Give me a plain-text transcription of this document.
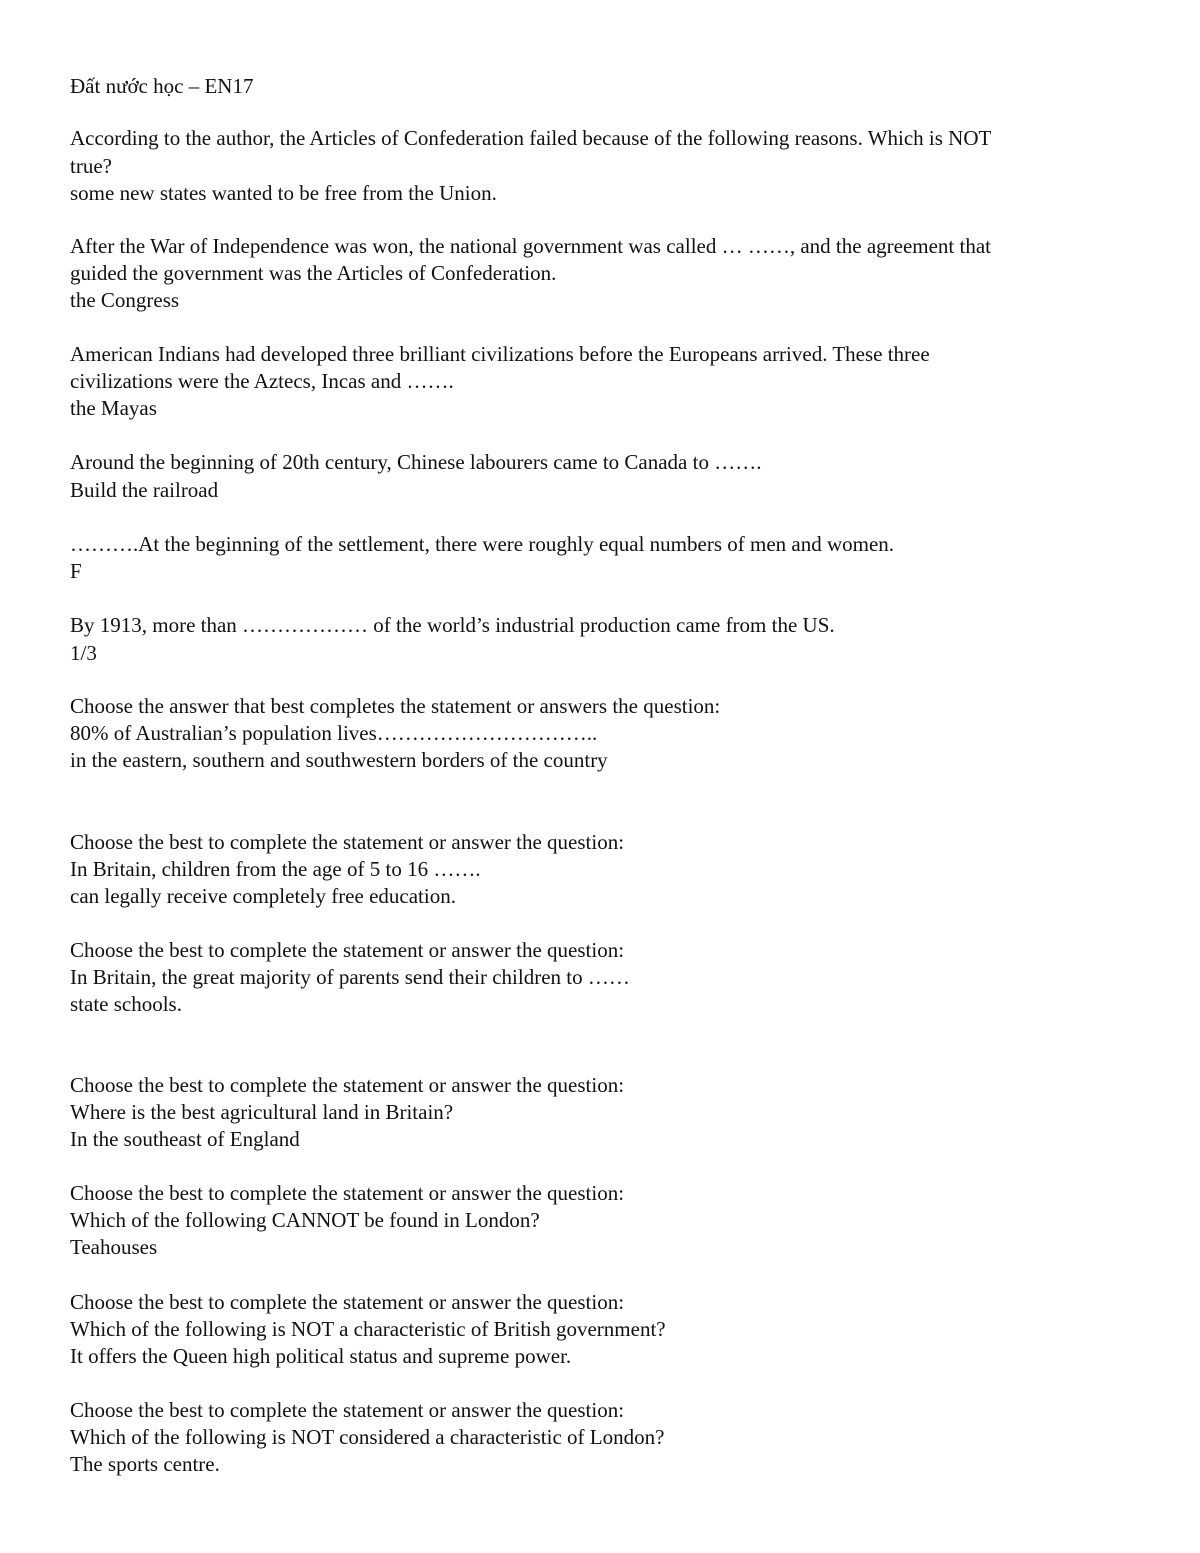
Đất nước học – EN17

According to the author, the Articles of Confederation failed because of the following reasons. Which is NOT

true?

some new states wanted to be free from the Union.

After the War of Independence was won, the national government was called … ……, and the agreement that

guided the government was the Articles of Confederation.

the Congress

American Indians had developed three brilliant civilizations before the Europeans arrived. These three

civilizations were the Aztecs, Incas and …….

the Mayas

Around the beginning of 20th century, Chinese labourers came to Canada to …….

Build the railroad

……….At the beginning of the settlement, there were roughly equal numbers of men and women.

F

By 1913, more than ……………… of the world’s industrial production came from the US.

1/3

Choose the answer that best completes the statement or answers the question:

80% of Australian’s population lives…………………………..

in the eastern, southern and southwestern borders of the country

Choose the best to complete the statement or answer the question:

In Britain, children from the age of 5 to 16 …….

can legally receive completely free education.

Choose the best to complete the statement or answer the question:

In Britain, the great majority of parents send their children to ……

state schools.

Choose the best to complete the statement or answer the question:

Where is the best agricultural land in Britain?

In the southeast of England

Choose the best to complete the statement or answer the question:

Which of the following CANNOT be found in London?

Teahouses

Choose the best to complete the statement or answer the question:

Which of the following is NOT a characteristic of British government?

It offers the Queen high political status and supreme power.

Choose the best to complete the statement or answer the question:

Which of the following is NOT considered a characteristic of London?

The sports centre.
